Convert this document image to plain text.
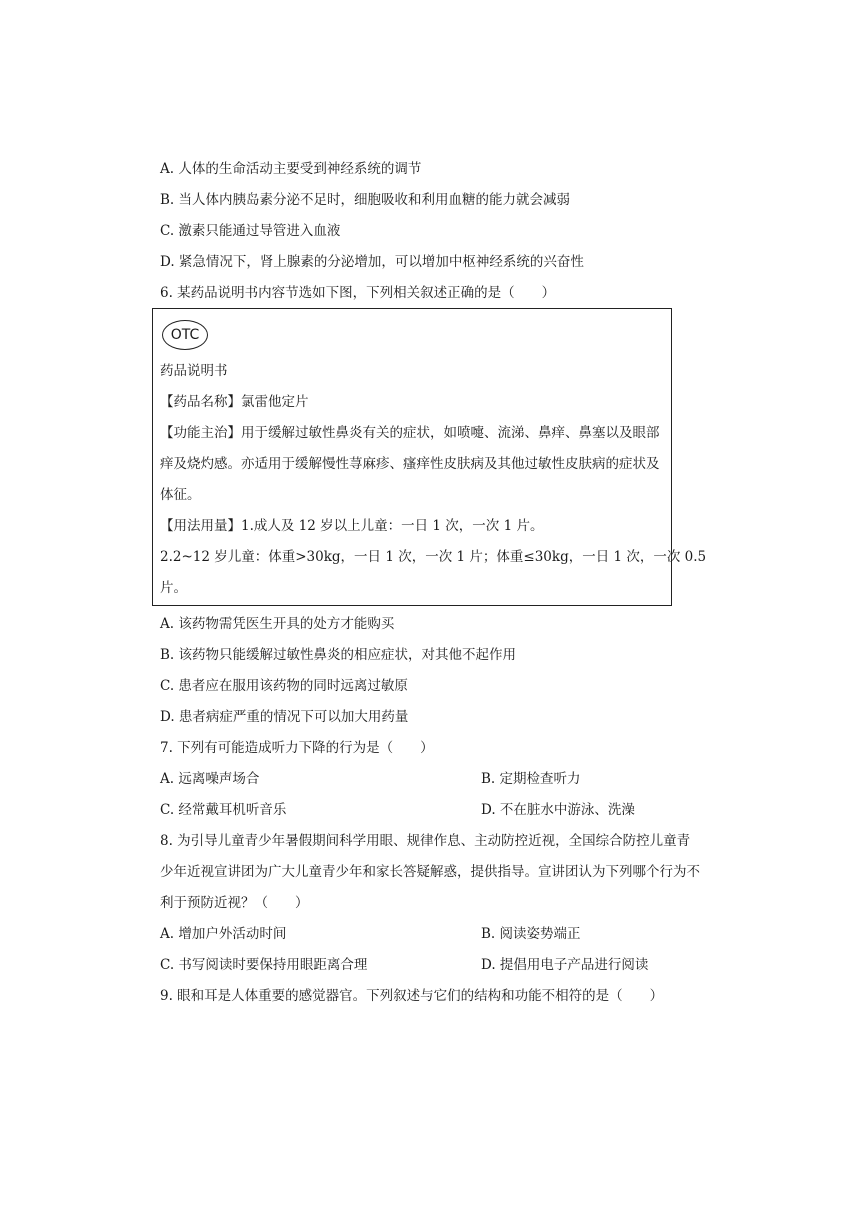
A. 人体的生命活动主要受到神经系统的调节
B. 当人体内胰岛素分泌不足时，细胞吸收和利用血糖的能力就会减弱
C. 激素只能通过导管进入血液
D. 紧急情况下，肾上腺素的分泌增加，可以增加中枢神经系统的兴奋性
6. 某药品说明书内容节选如下图，下列相关叙述正确的是（　　）
OTC
药品说明书
【药品名称】氯雷他定片
【功能主治】用于缓解过敏性鼻炎有关的症状，如喷嚏、流涕、鼻痒、鼻塞以及眼部
痒及烧灼感。亦适用于缓解慢性荨麻疹、瘙痒性皮肤病及其他过敏性皮肤病的症状及
体征。
【用法用量】1.成人及 12 岁以上儿童：一日 1 次，一次 1 片。
2.2~12 岁儿童：体重>30kg，一日 1 次，一次 1 片；体重≤30kg，一日 1 次，一次 0.5
片。
A. 该药物需凭医生开具的处方才能购买
B. 该药物只能缓解过敏性鼻炎的相应症状，对其他不起作用
C. 患者应在服用该药物的同时远离过敏原
D. 患者病症严重的情况下可以加大用药量
7. 下列有可能造成听力下降的行为是（　　）
A. 远离噪声场合	B. 定期检查听力
C. 经常戴耳机听音乐	D. 不在脏水中游泳、洗澡
8. 为引导儿童青少年暑假期间科学用眼、规律作息、主动防控近视，全国综合防控儿童青
少年近视宣讲团为广大儿童青少年和家长答疑解惑，提供指导。宣讲团认为下列哪个行为不
利于预防近视？（　　）
A. 增加户外活动时间	B. 阅读姿势端正
C. 书写阅读时要保持用眼距离合理	D. 提倡用电子产品进行阅读
9. 眼和耳是人体重要的感觉器官。下列叙述与它们的结构和功能不相符的是（　　）
